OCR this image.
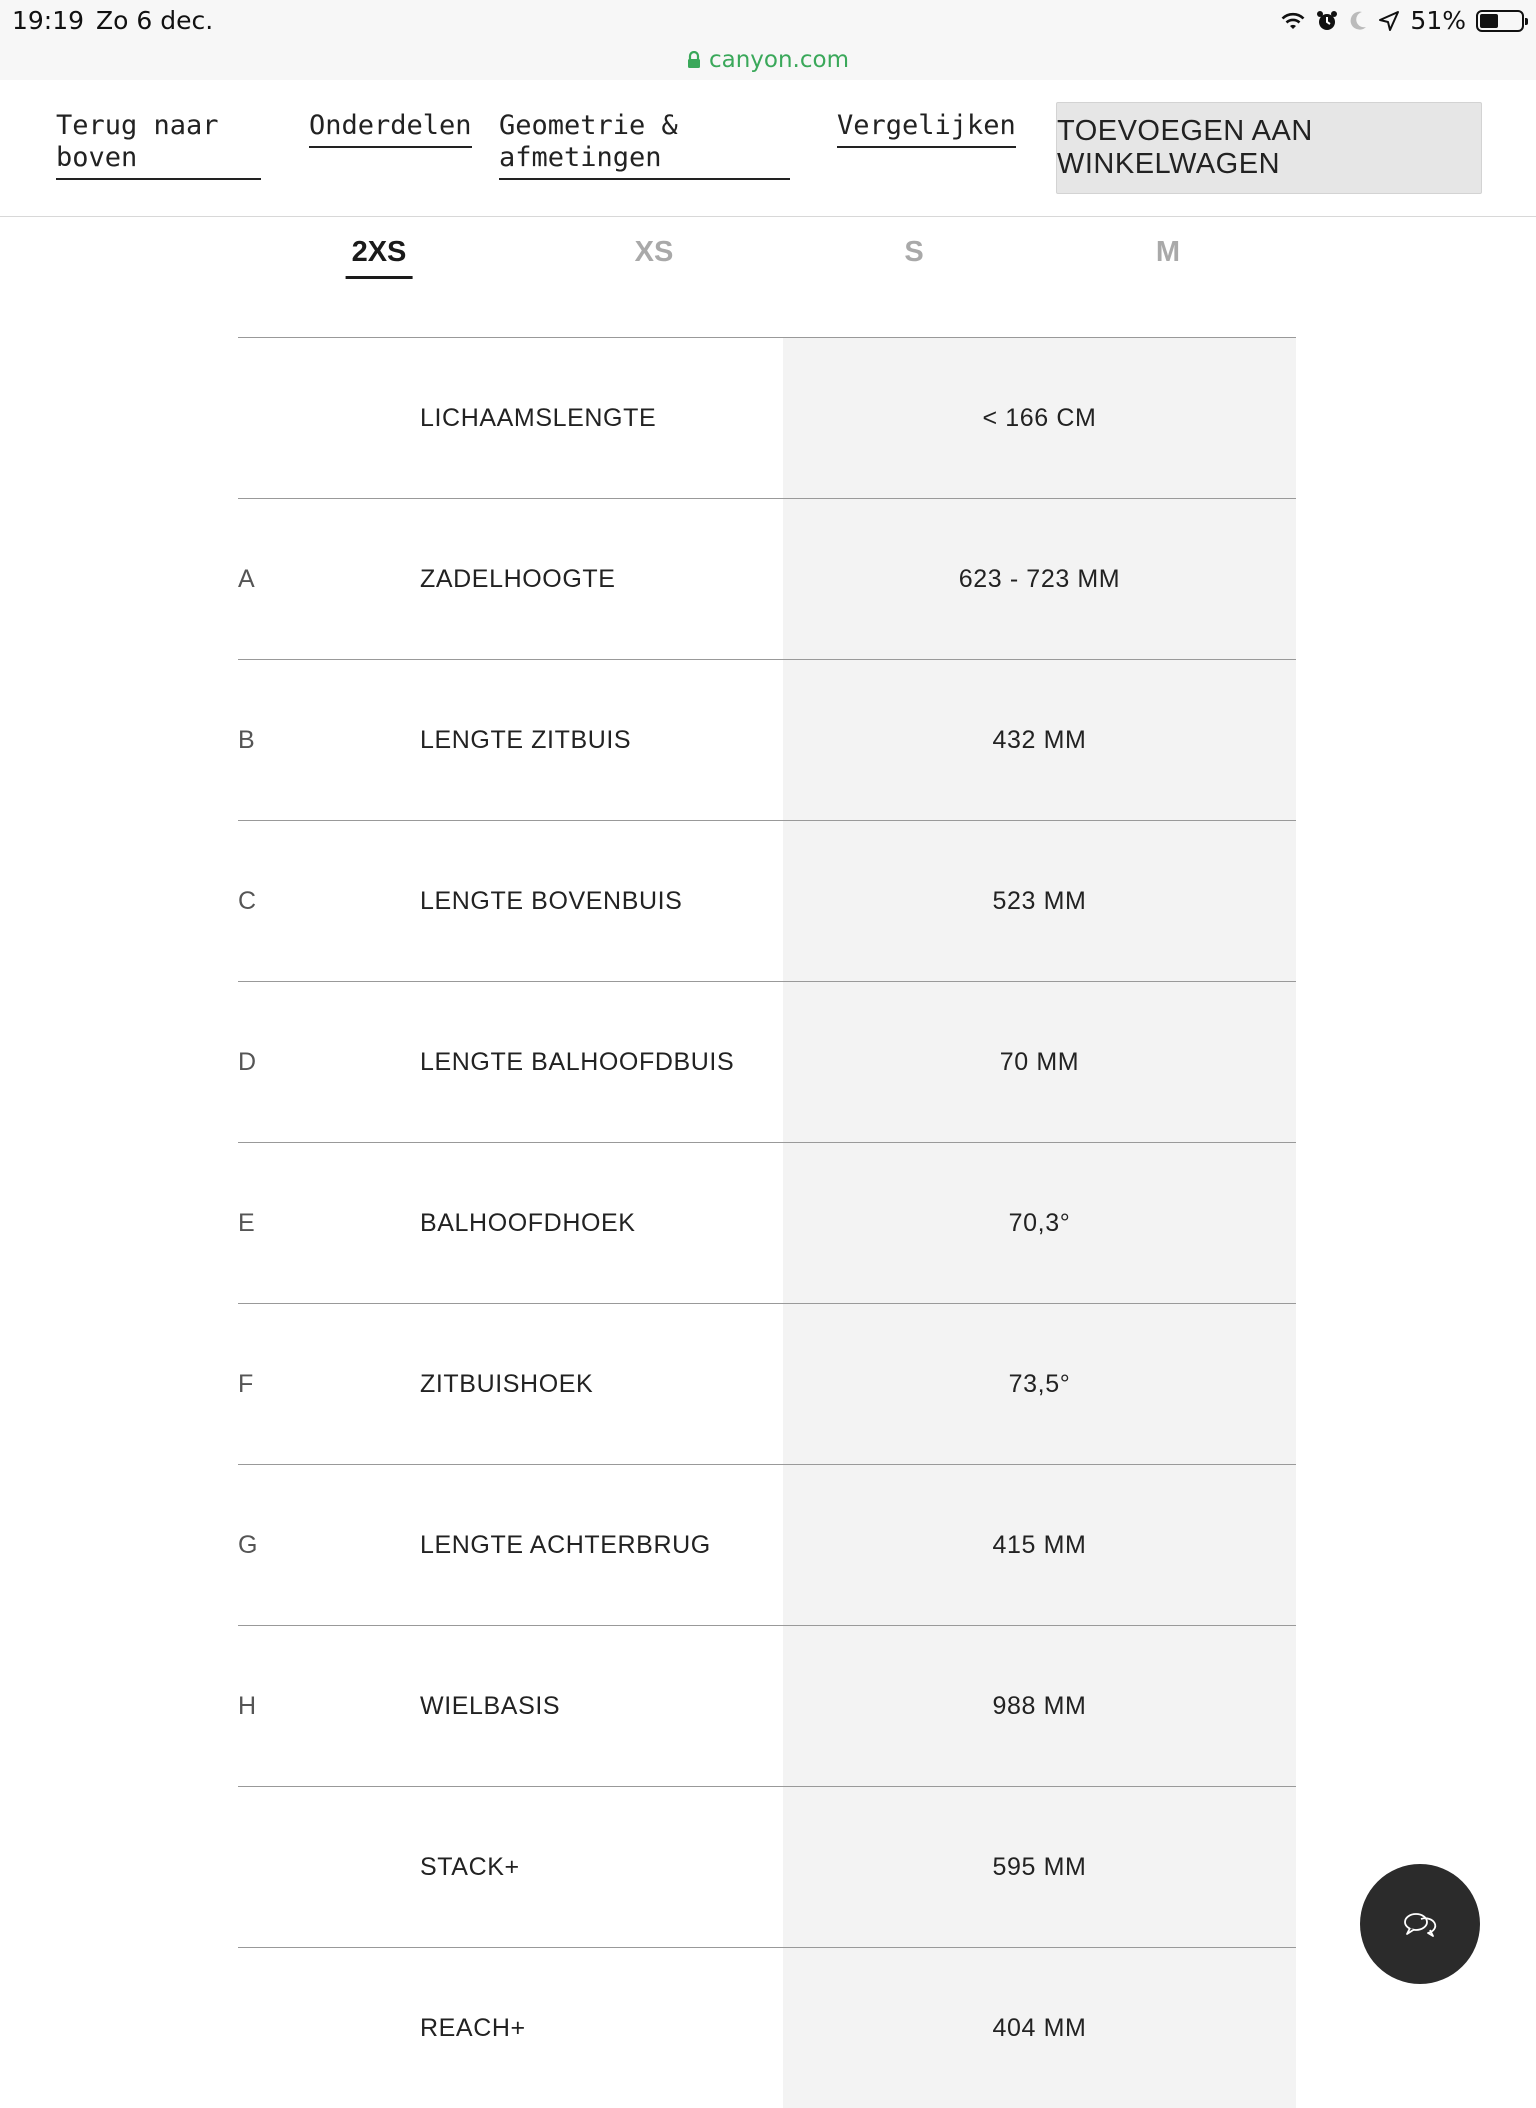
19:19 Zo 6 dec.	51%
canyon.com
Terug naar
boven
Onderdelen Geometrie &
afmetingen
Vergelijken TOEVOEGEN AAN WINKELWAGEN
2XS	XS	S	M
LICHAAMSLENGTE	< 166 CM
A	ZADELHOOGTE	623 - 723 MM
B	LENGTE ZITBUIS	432 MM
C	LENGTE BOVENBUIS	523 MM
D	LENGTE BALHOOFDBUIS	70 MM
E	BALHOOFDHOEK	70,3°
F	ZITBUISHOEK	73,5°
G	LENGTE ACHTERBRUG	415 MM
H	WIELBASIS	988 MM
STACK+	595 MM
REACH+	404 MM
